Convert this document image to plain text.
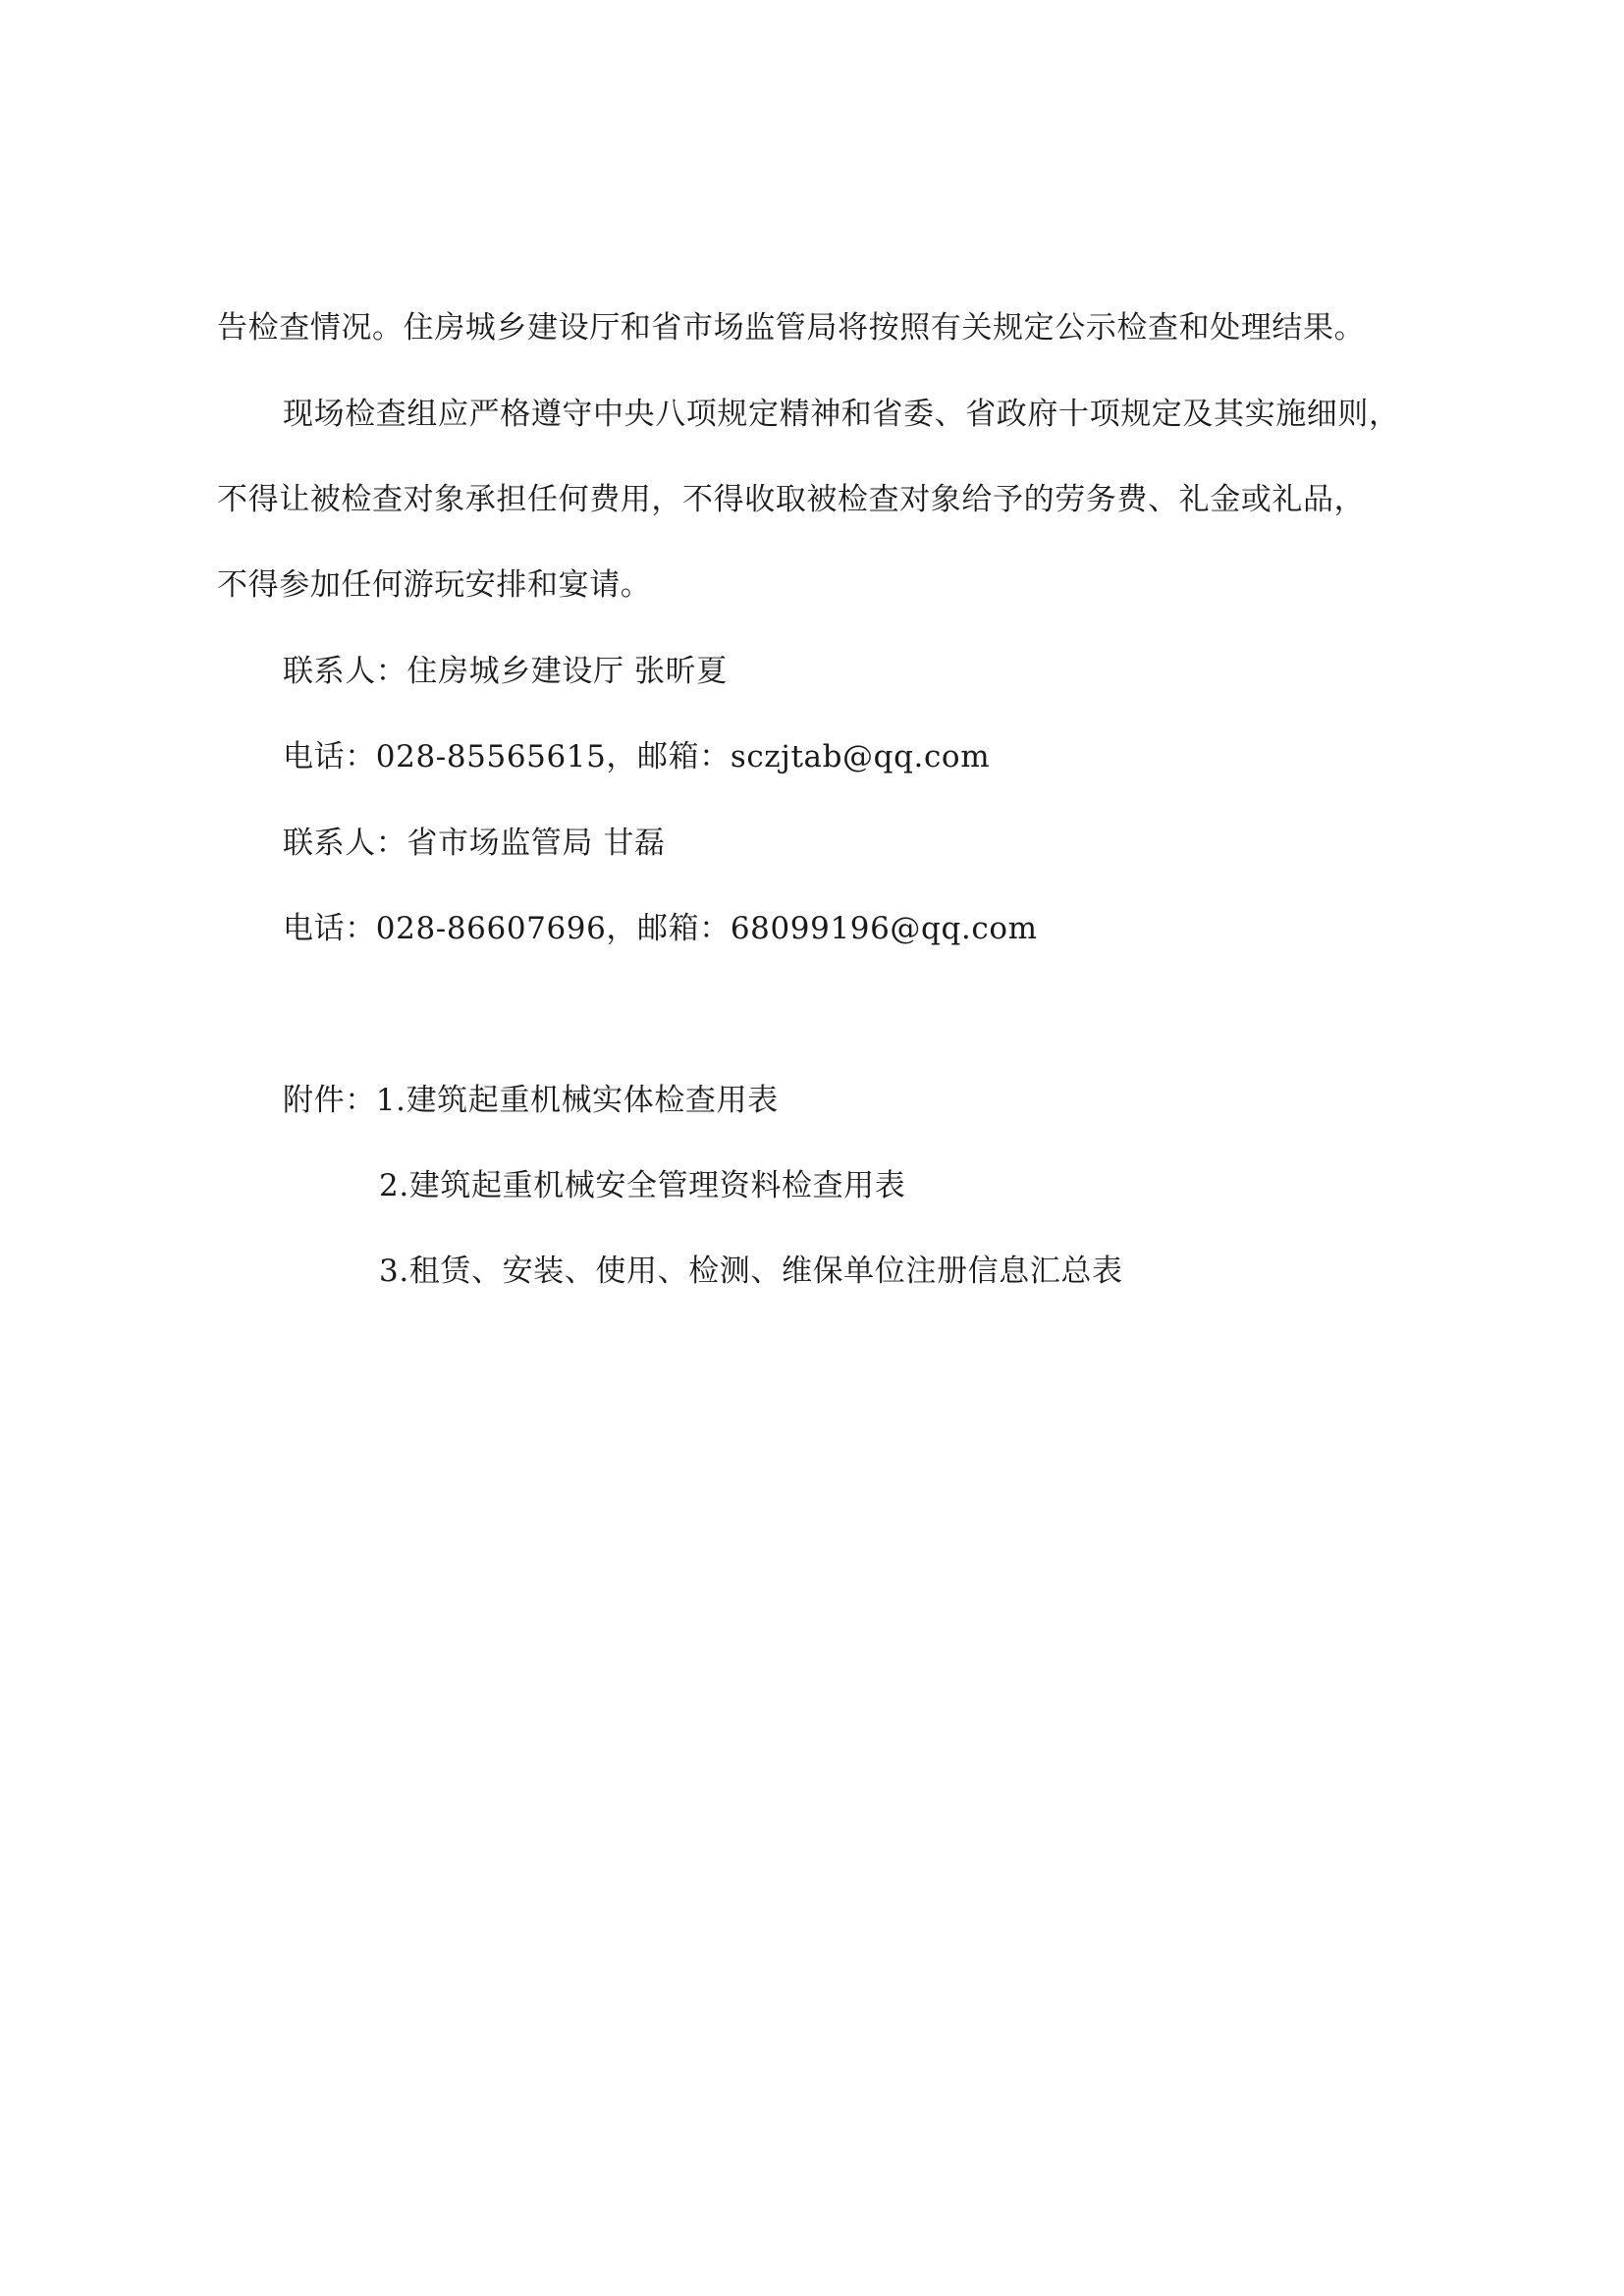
告检查情况。住房城乡建设厅和省市场监管局将按照有关规定公示检查和处理结果。
现场检查组应严格遵守中央八项规定精神和省委、省政府十项规定及其实施细则，
不得让被检查对象承担任何费用，不得收取被检查对象给予的劳务费、礼金或礼品，
不得参加任何游玩安排和宴请。
联系人：住房城乡建设厅 张昕夏
电话：028-85565615，邮箱：sczjtab@qq.com
联系人：省市场监管局 甘磊
电话：028-86607696，邮箱：68099196@qq.com
附件：1.建筑起重机械实体检查用表
2.建筑起重机械安全管理资料检查用表
3.租赁、安装、使用、检测、维保单位注册信息汇总表
